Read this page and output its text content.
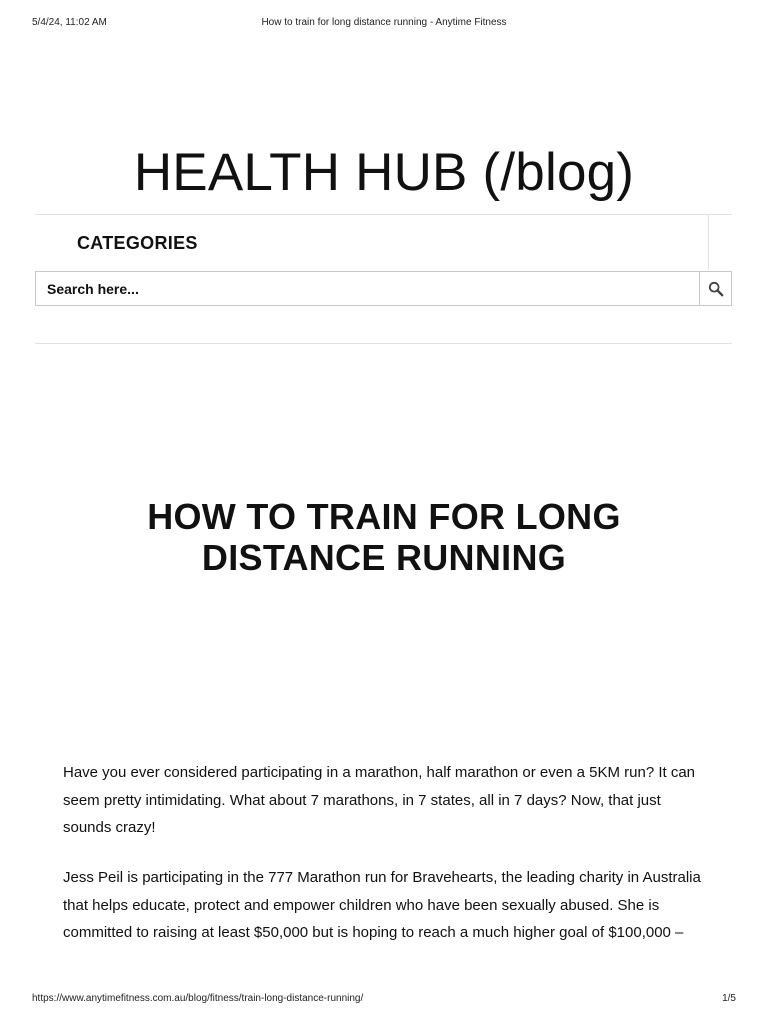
5/4/24, 11:02 AM	How to train for long distance running - Anytime Fitness
HEALTH HUB (/blog)
CATEGORIES
Search here...
HOW TO TRAIN FOR LONG DISTANCE RUNNING

Have you ever considered participating in a marathon, half marathon or even a 5KM run? It can seem pretty intimidating. What about 7 marathons, in 7 states, all in 7 days? Now, that just sounds crazy!

Jess Peil is participating in the 777 Marathon run for Bravehearts, the leading charity in Australia that helps educate, protect and empower children who have been sexually abused. She is committed to raising at least $50,000 but is hoping to reach a much higher goal of $100,000 –

https://www.anytimefitness.com.au/blog/fitness/train-long-distance-running/	1/5
